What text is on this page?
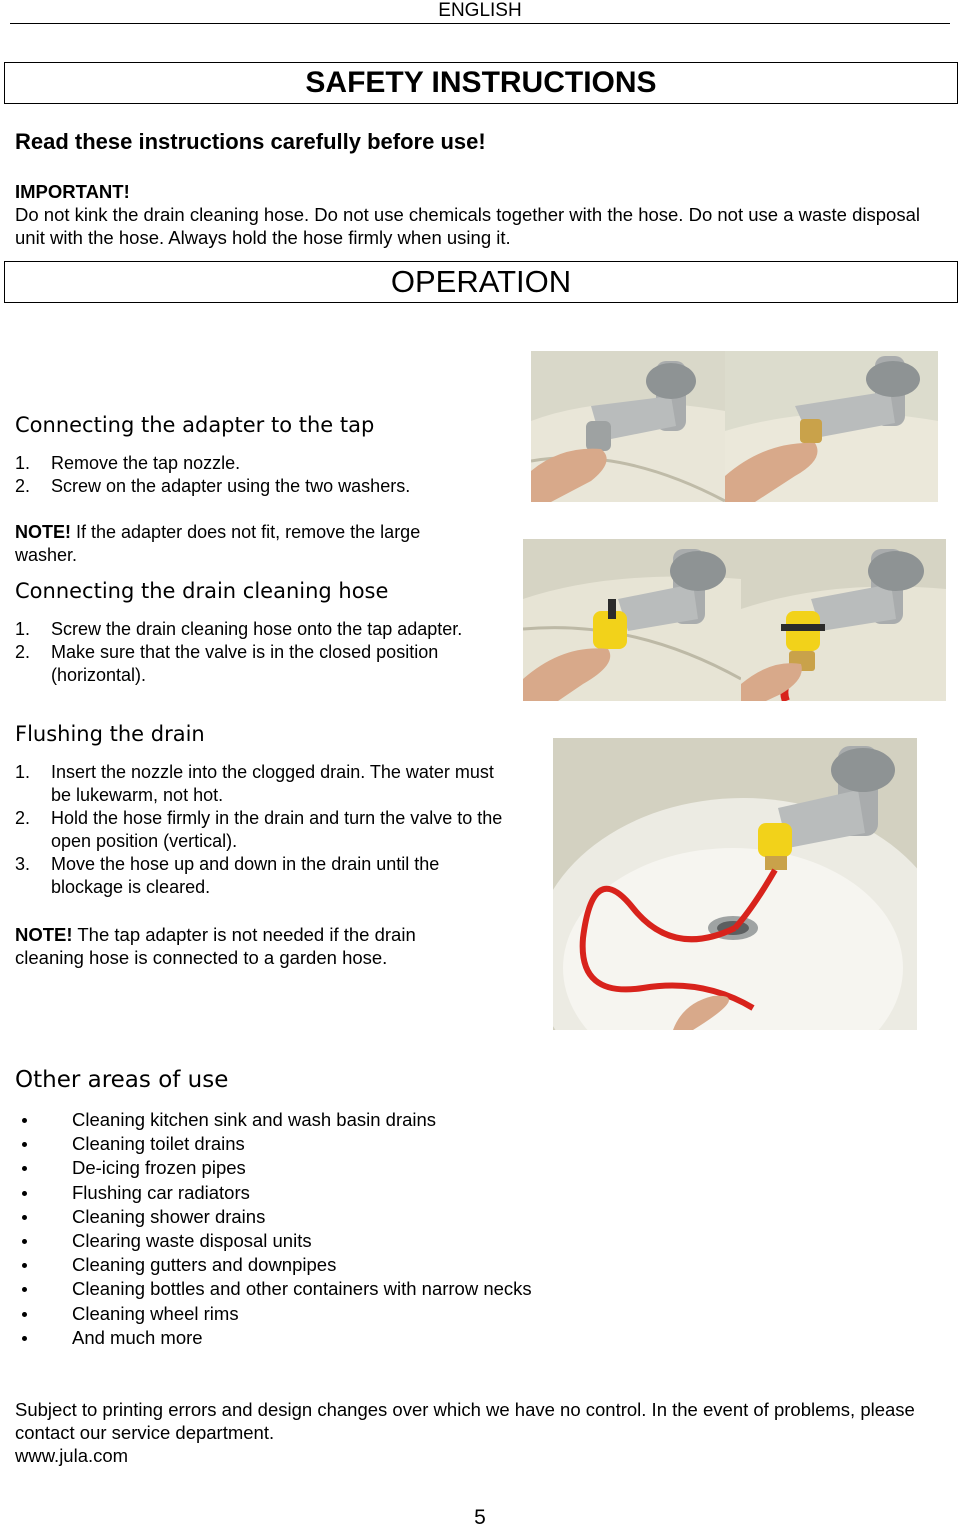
ENGLISH
SAFETY INSTRUCTIONS
Read these instructions carefully before use!
IMPORTANT!
Do not kink the drain cleaning hose. Do not use chemicals together with the hose. Do not use a waste disposal unit with the hose. Always hold the hose firmly when using it.
OPERATION
Connecting the adapter to the tap
1. Remove the tap nozzle.
2. Screw on the adapter using the two washers.
NOTE! If the adapter does not fit, remove the large washer.
Connecting the drain cleaning hose
1. Screw the drain cleaning hose onto the tap adapter.
2. Make sure that the valve is in the closed position (horizontal).
Flushing the drain
1. Insert the nozzle into the clogged drain. The water must be lukewarm, not hot.
2. Hold the hose firmly in the drain and turn the valve to the open position (vertical).
3. Move the hose up and down in the drain until the blockage is cleared.
NOTE! The tap adapter is not needed if the drain cleaning hose is connected to a garden hose.
Other areas of use
Cleaning kitchen sink and wash basin drains
Cleaning toilet drains
De-icing frozen pipes
Flushing car radiators
Cleaning shower drains
Clearing waste disposal units
Cleaning gutters and downpipes
Cleaning bottles and other containers with narrow necks
Cleaning wheel rims
And much more
Subject to printing errors and design changes over which we have no control. In the event of problems, please contact our service department.
www.jula.com
5
